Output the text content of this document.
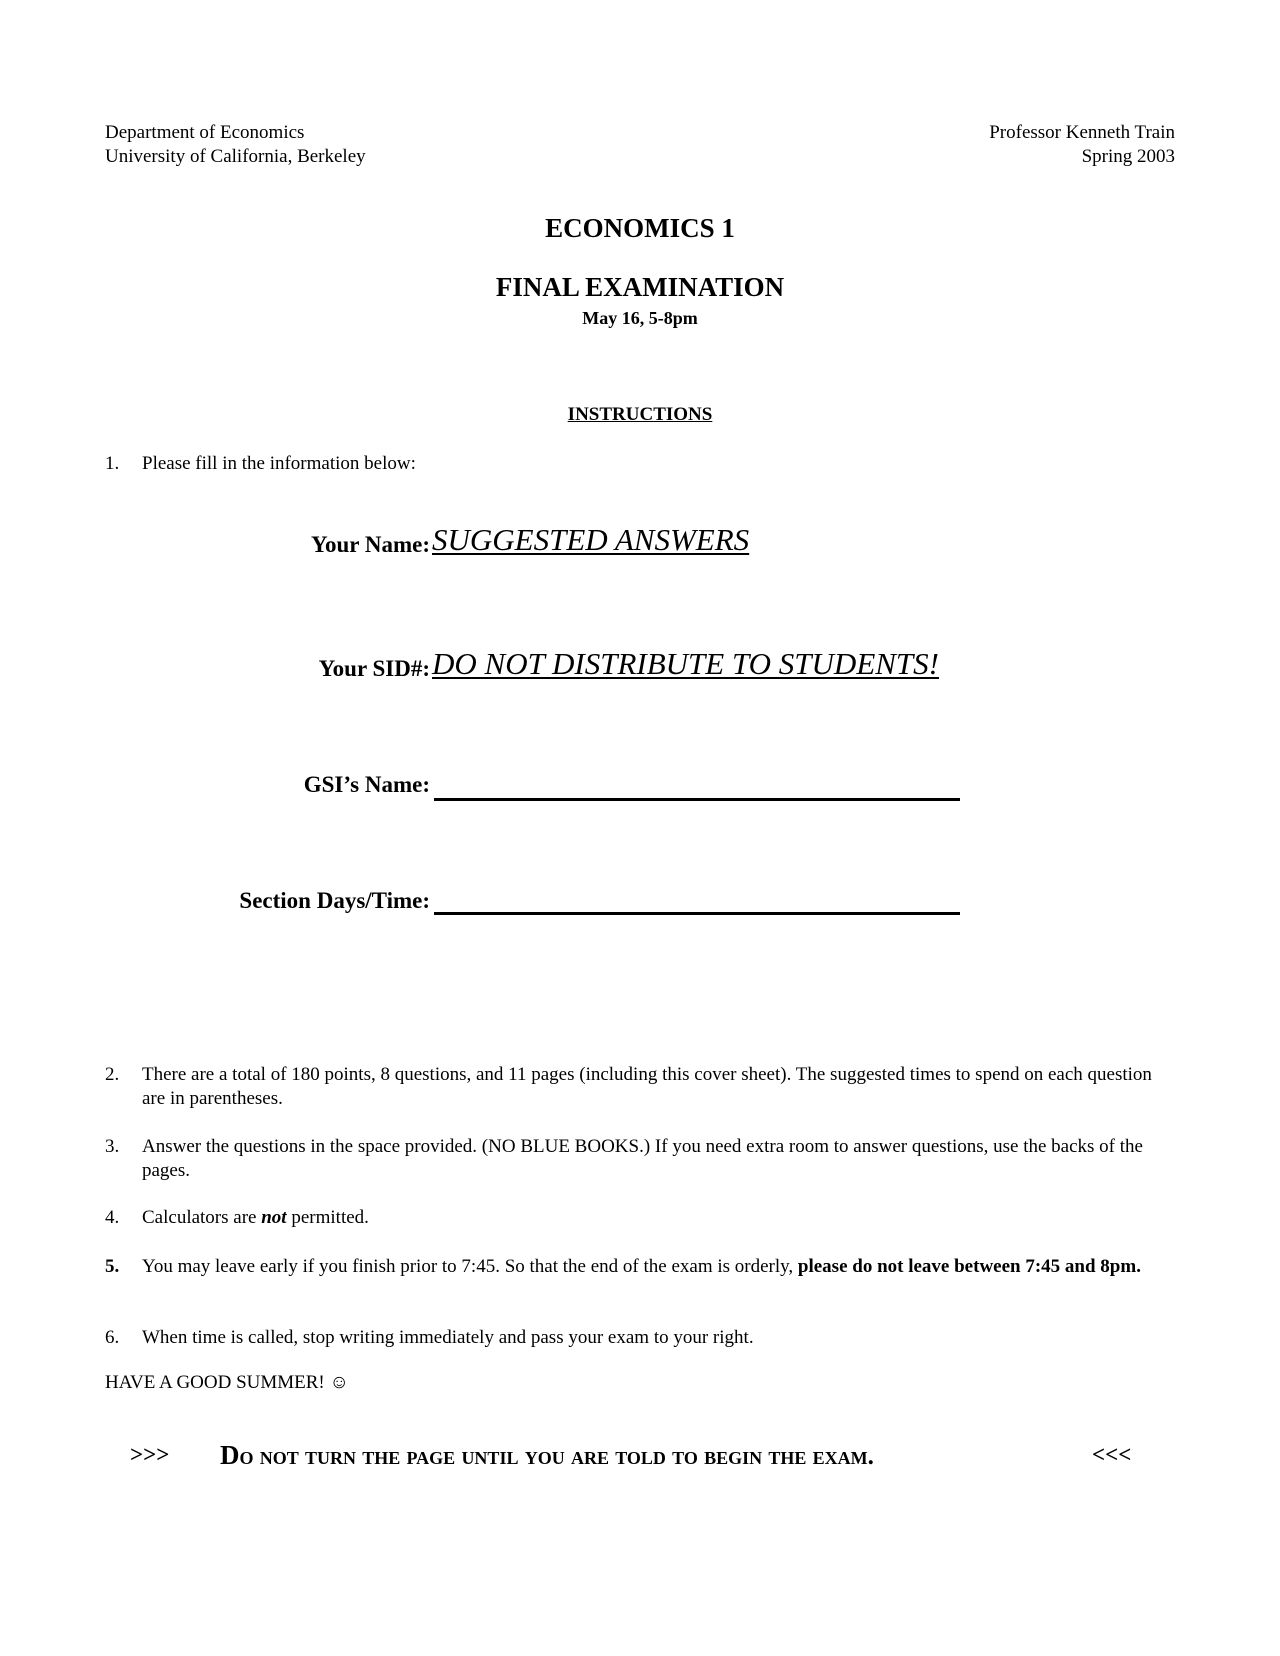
Department of Economics
University of California, Berkeley
Professor Kenneth Train
Spring 2003
ECONOMICS 1
FINAL EXAMINATION
May 16, 5-8pm
INSTRUCTIONS
1.	Please fill in the information below:
Your Name: SUGGESTED ANSWERS
Your SID#: DO NOT DISTRIBUTE TO STUDENTS!
GSI’s Name:
Section Days/Time:
2.	There are a total of 180 points, 8 questions, and 11 pages (including this cover sheet). The suggested times to spend on each question are in parentheses.
3.	Answer the questions in the space provided. (NO BLUE BOOKS.) If you need extra room to answer questions, use the backs of the pages.
4.	Calculators are not permitted.
5.	You may leave early if you finish prior to 7:45. So that the end of the exam is orderly, please do not leave between 7:45 and 8pm.
6.	When time is called, stop writing immediately and pass your exam to your right.
HAVE A GOOD SUMMER! ☺
>>> Do not turn the page until you are told to begin the exam.	<<<
